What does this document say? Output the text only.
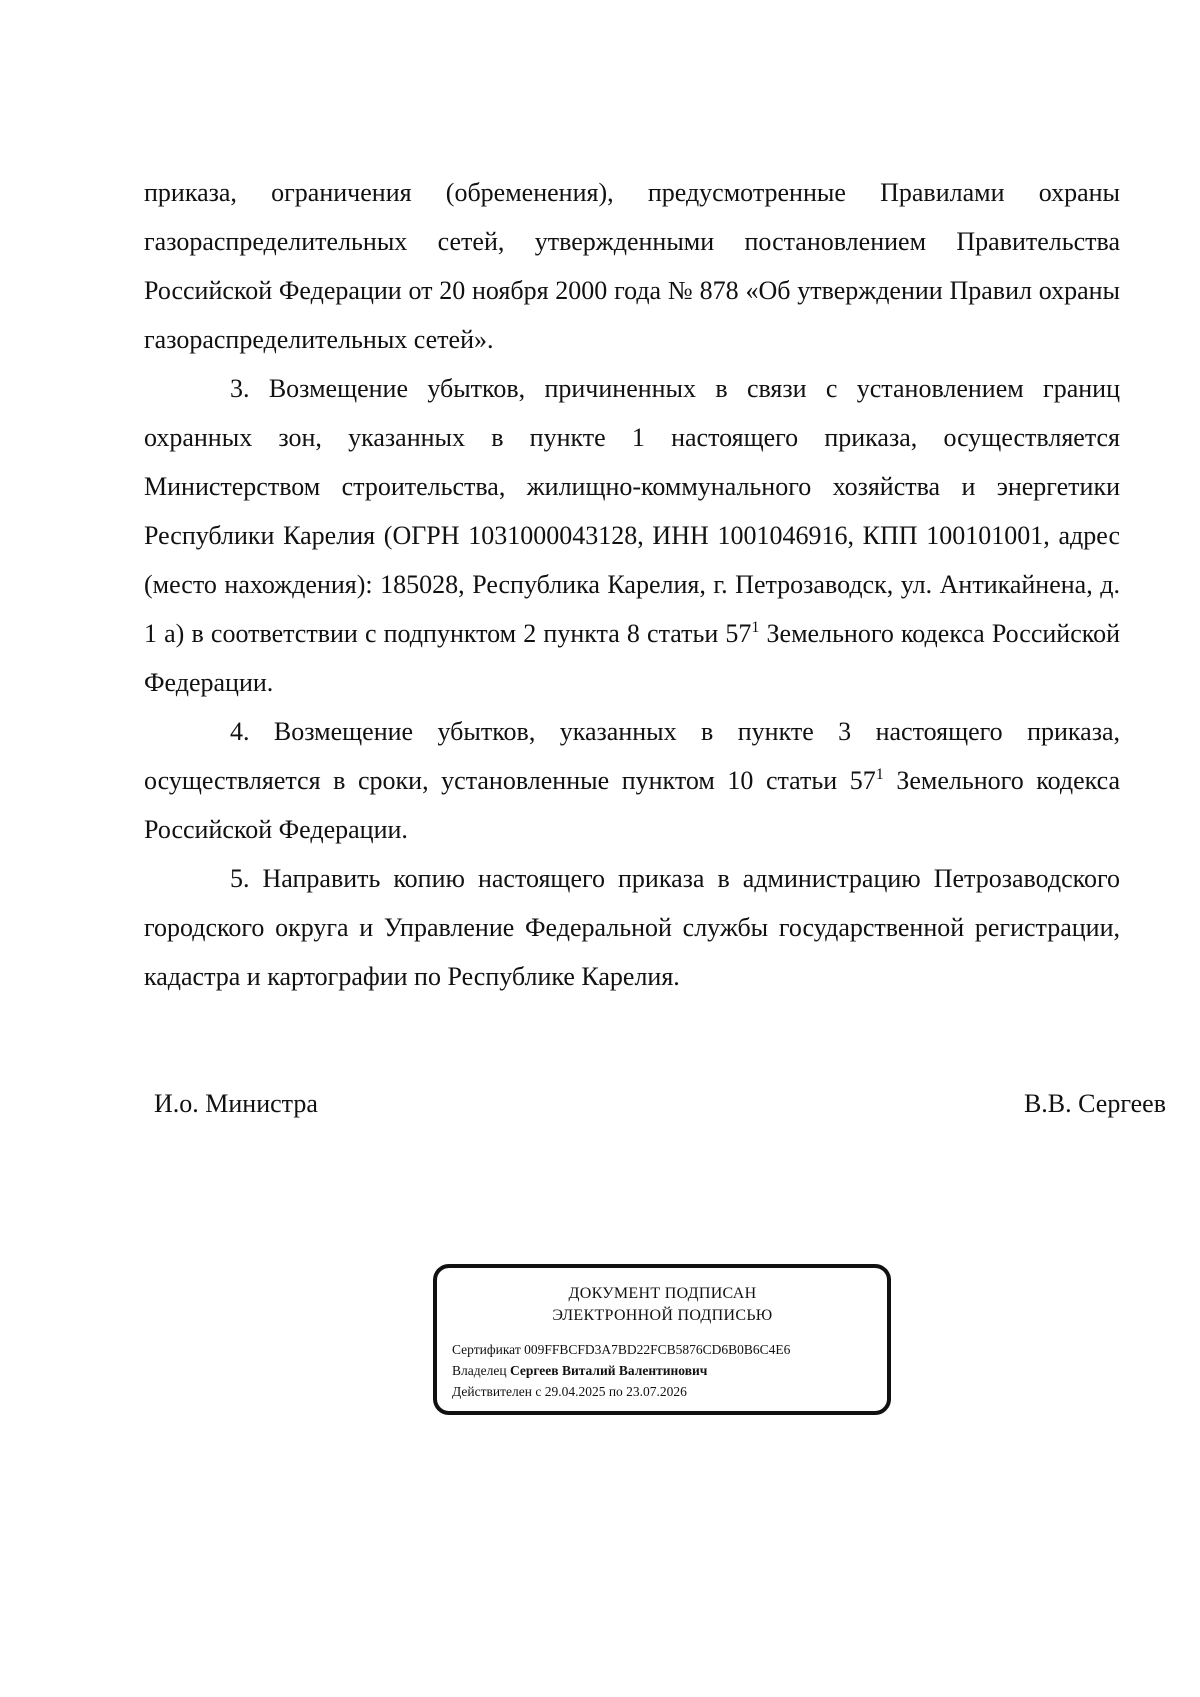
приказа, ограничения (обременения), предусмотренные Правилами охраны газораспределительных сетей, утвержденными постановлением Правительства Российской Федерации от 20 ноября 2000 года № 878 «Об утверждении Правил охраны газораспределительных сетей».

3. Возмещение убытков, причиненных в связи с установлением границ охранных зон, указанных в пункте 1 настоящего приказа, осуществляется Министерством строительства, жилищно-коммунального хозяйства и энергетики Республики Карелия (ОГРН 1031000043128, ИНН 1001046916, КПП 100101001, адрес (место нахождения): 185028, Республика Карелия, г. Петрозаводск, ул. Антикайнена, д. 1 а) в соответствии с подпунктом 2 пункта 8 статьи $57^1$ Земельного кодекса Российской Федерации.

4. Возмещение убытков, указанных в пункте 3 настоящего приказа, осуществляется в сроки, установленные пунктом 10 статьи $57^1$ Земельного кодекса Российской Федерации.

5. Направить копию настоящего приказа в администрацию Петрозаводского городского округа и Управление Федеральной службы государственной регистрации, кадастра и картографии по Республике Карелия.

И.о. Министра	В.В. Сергеев
ДОКУМЕНТ ПОДПИСАН
ЭЛЕКТРОННОЙ ПОДПИСЬЮ
Сертификат 009FFBCFD3A7BD22FCB5876CD6B0B6C4E6
Владелец Сергеев Виталий Валентинович
Действителен с 29.04.2025 по 23.07.2026
